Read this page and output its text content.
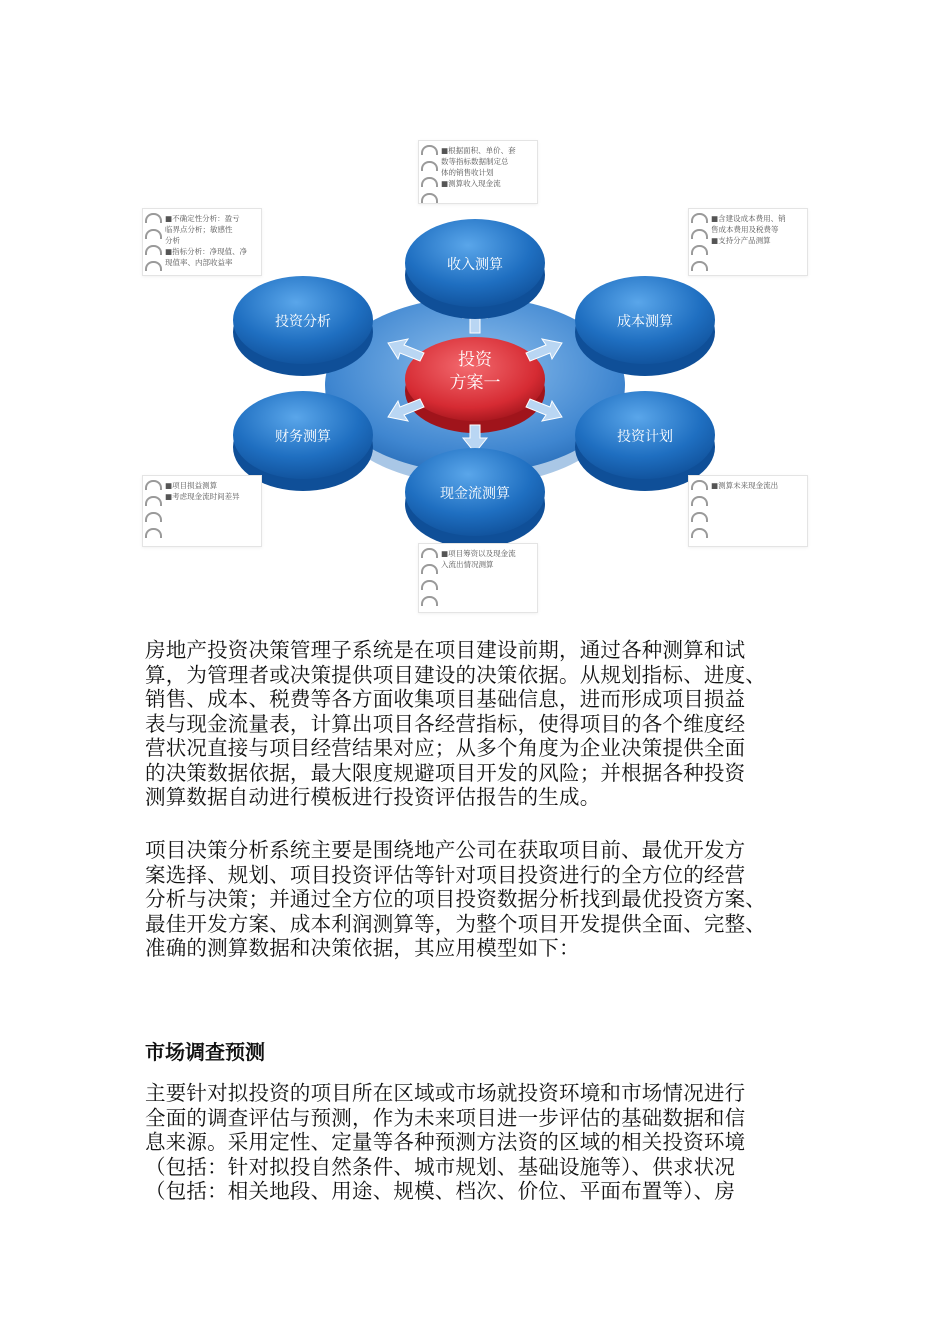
投资
方案一
收入测算
成本测算
投资计划
现金流测算
财务测算
投资分析

■根据面积、单价、套

数等指标数据制定总

体的销售收计划

■测算收入现金流

■不确定性分析：盈亏

临界点分析；敏感性

分析

■指标分析：净现值、净

现值率、内部收益率

■含建设成本费用、销

售成本费用及税费等

■支持分产品测算

■项目损益测算

■考虑现金流时间差异

■测算未来现金流出

■项目筹资以及现金流

入流出情况测算

房地产投资决策管理子系统是在项目建设前期，通过各种测算和试

算，为管理者或决策提供项目建设的决策依据。从规划指标、进度、

销售、成本、税费等各方面收集项目基础信息，进而形成项目损益

表与现金流量表，计算出项目各经营指标，使得项目的各个维度经

营状况直接与项目经营结果对应；从多个角度为企业决策提供全面

的决策数据依据，最大限度规避项目开发的风险；并根据各种投资

测算数据自动进行模板进行投资评估报告的生成。

项目决策分析系统主要是围绕地产公司在获取项目前、最优开发方

案选择、规划、项目投资评估等针对项目投资进行的全方位的经营

分析与决策；并通过全方位的项目投资数据分析找到最优投资方案、

最佳开发方案、成本利润测算等，为整个项目开发提供全面、完整、

准确的测算数据和决策依据，其应用模型如下：

市场调查预测

主要针对拟投资的项目所在区域或市场就投资环境和市场情况进行

全面的调查评估与预测，作为未来项目进一步评估的基础数据和信

息来源。采用定性、定量等各种预测方法资的区域的相关投资环境

（包括：针对拟投自然条件、城市规划、基础设施等）、供求状况

（包括：相关地段、用途、规模、档次、价位、平面布置等）、房
